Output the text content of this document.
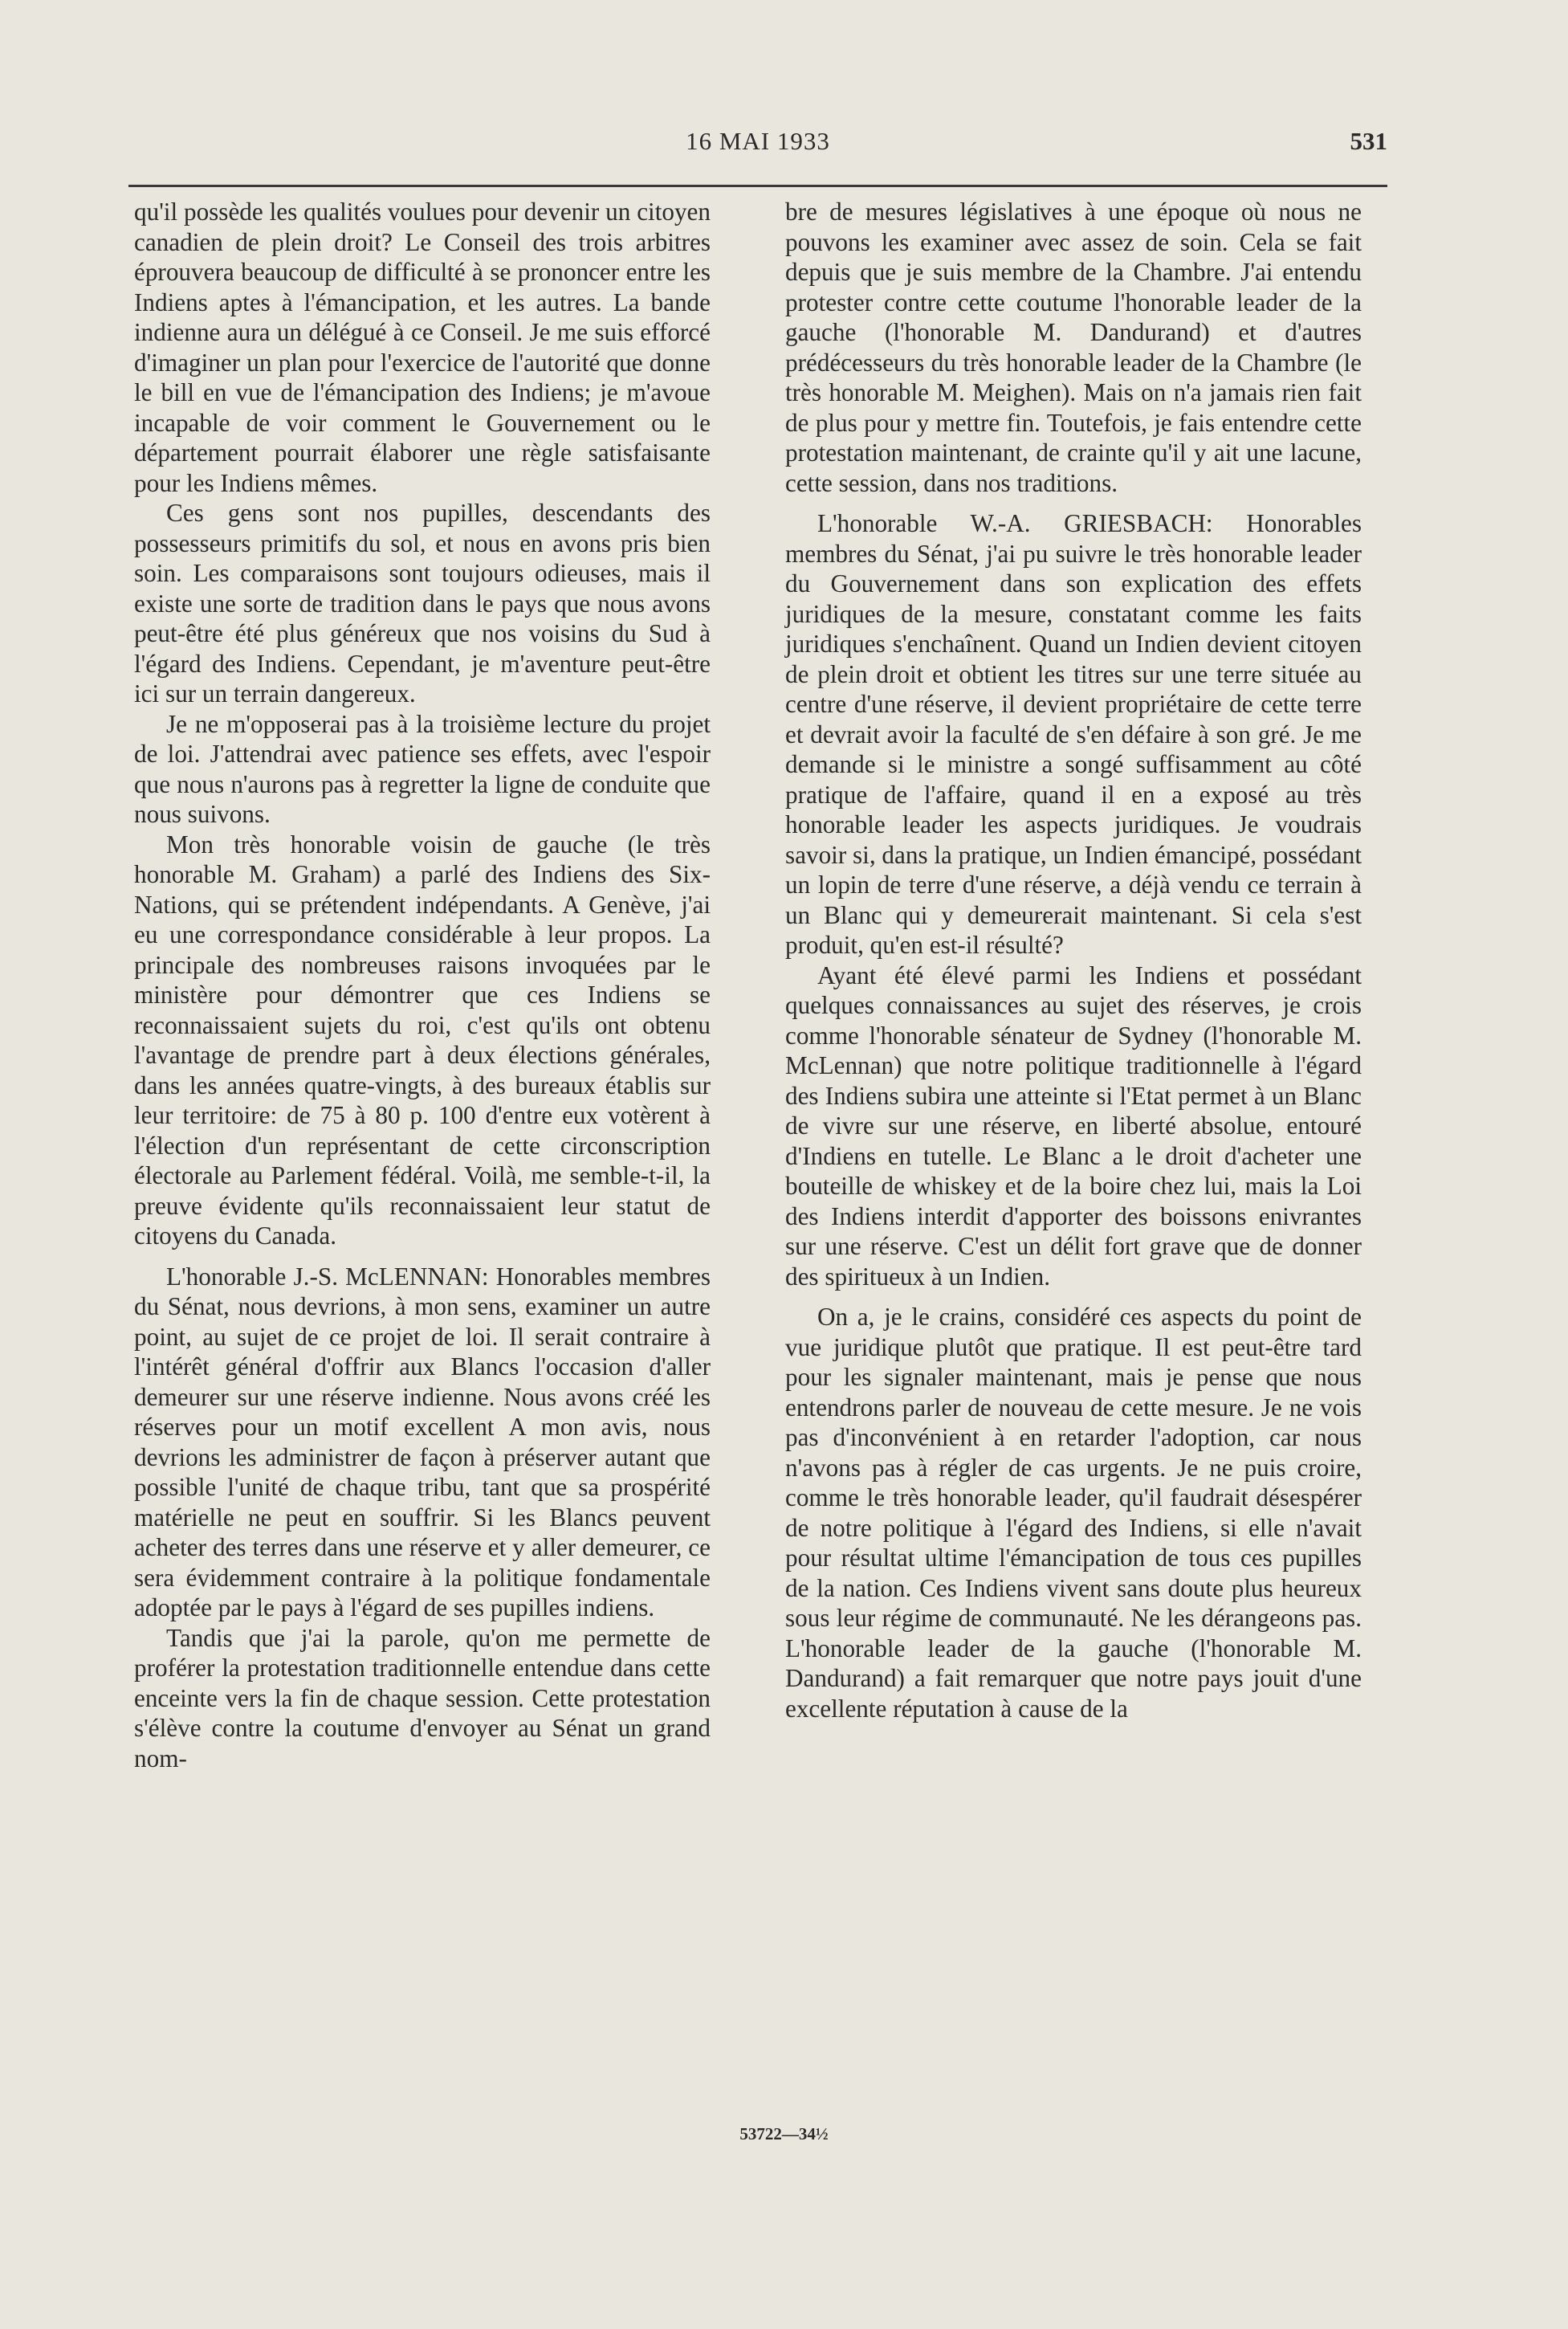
16 MAI 1933	531

qu'il possède les qualités voulues pour devenir un citoyen canadien de plein droit? Le Conseil des trois arbitres éprouvera beaucoup de difficulté à se prononcer entre les Indiens aptes à l'émancipation, et les autres. La bande indienne aura un délégué à ce Conseil. Je me suis efforcé d'imaginer un plan pour l'exercice de l'autorité que donne le bill en vue de l'émancipation des Indiens; je m'avoue incapable de voir comment le Gouvernement ou le département pourrait élaborer une règle satisfaisante pour les Indiens mêmes.

Ces gens sont nos pupilles, descendants des possesseurs primitifs du sol, et nous en avons pris bien soin. Les comparaisons sont toujours odieuses, mais il existe une sorte de tradition dans le pays que nous avons peut-être été plus généreux que nos voisins du Sud à l'égard des Indiens. Cependant, je m'aventure peut-être ici sur un terrain dangereux.

Je ne m'opposerai pas à la troisième lecture du projet de loi. J'attendrai avec patience ses effets, avec l'espoir que nous n'aurons pas à regretter la ligne de conduite que nous suivons.

Mon très honorable voisin de gauche (le très honorable M. Graham) a parlé des Indiens des Six-Nations, qui se prétendent indépendants. A Genève, j'ai eu une correspondance considérable à leur propos. La principale des nombreuses raisons invoquées par le ministère pour démontrer que ces Indiens se reconnaissaient sujets du roi, c'est qu'ils ont obtenu l'avantage de prendre part à deux élections générales, dans les années quatre-vingts, à des bureaux établis sur leur territoire: de 75 à 80 p. 100 d'entre eux votèrent à l'élection d'un représentant de cette circonscription électorale au Parlement fédéral. Voilà, me semble-t-il, la preuve évidente qu'ils reconnaissaient leur statut de citoyens du Canada.

L'honorable J.-S. McLENNAN: Honorables membres du Sénat, nous devrions, à mon sens, examiner un autre point, au sujet de ce projet de loi. Il serait contraire à l'intérêt général d'offrir aux Blancs l'occasion d'aller demeurer sur une réserve indienne. Nous avons créé les réserves pour un motif excellent A mon avis, nous devrions les administrer de façon à préserver autant que possible l'unité de chaque tribu, tant que sa prospérité matérielle ne peut en souffrir. Si les Blancs peuvent acheter des terres dans une réserve et y aller demeurer, ce sera évidemment contraire à la politique fondamentale adoptée par le pays à l'égard de ses pupilles indiens.

Tandis que j'ai la parole, qu'on me permette de proférer la protestation traditionnelle entendue dans cette enceinte vers la fin de chaque session. Cette protestation s'élève contre la coutume d'envoyer au Sénat un grand nom-

bre de mesures législatives à une époque où nous ne pouvons les examiner avec assez de soin. Cela se fait depuis que je suis membre de la Chambre. J'ai entendu protester contre cette coutume l'honorable leader de la gauche (l'honorable M. Dandurand) et d'autres prédécesseurs du très honorable leader de la Chambre (le très honorable M. Meighen). Mais on n'a jamais rien fait de plus pour y mettre fin. Toutefois, je fais entendre cette protestation maintenant, de crainte qu'il y ait une lacune, cette session, dans nos traditions.

L'honorable W.-A. GRIESBACH: Honorables membres du Sénat, j'ai pu suivre le très honorable leader du Gouvernement dans son explication des effets juridiques de la mesure, constatant comme les faits juridiques s'enchaînent. Quand un Indien devient citoyen de plein droit et obtient les titres sur une terre située au centre d'une réserve, il devient propriétaire de cette terre et devrait avoir la faculté de s'en défaire à son gré. Je me demande si le ministre a songé suffisamment au côté pratique de l'affaire, quand il en a exposé au très honorable leader les aspects juridiques. Je voudrais savoir si, dans la pratique, un Indien émancipé, possédant un lopin de terre d'une réserve, a déjà vendu ce terrain à un Blanc qui y demeurerait maintenant. Si cela s'est produit, qu'en est-il résulté?

Ayant été élevé parmi les Indiens et possédant quelques connaissances au sujet des réserves, je crois comme l'honorable sénateur de Sydney (l'honorable M. McLennan) que notre politique traditionnelle à l'égard des Indiens subira une atteinte si l'Etat permet à un Blanc de vivre sur une réserve, en liberté absolue, entouré d'Indiens en tutelle. Le Blanc a le droit d'acheter une bouteille de whiskey et de la boire chez lui, mais la Loi des Indiens interdit d'apporter des boissons enivrantes sur une réserve. C'est un délit fort grave que de donner des spiritueux à un Indien.

On a, je le crains, considéré ces aspects du point de vue juridique plutôt que pratique. Il est peut-être tard pour les signaler maintenant, mais je pense que nous entendrons parler de nouveau de cette mesure. Je ne vois pas d'inconvénient à en retarder l'adoption, car nous n'avons pas à régler de cas urgents. Je ne puis croire, comme le très honorable leader, qu'il faudrait désespérer de notre politique à l'égard des Indiens, si elle n'avait pour résultat ultime l'émancipation de tous ces pupilles de la nation. Ces Indiens vivent sans doute plus heureux sous leur régime de communauté. Ne les dérangeons pas. L'honorable leader de la gauche (l'honorable M. Dandurand) a fait remarquer que notre pays jouit d'une excellente réputation à cause de la

53722—34½
